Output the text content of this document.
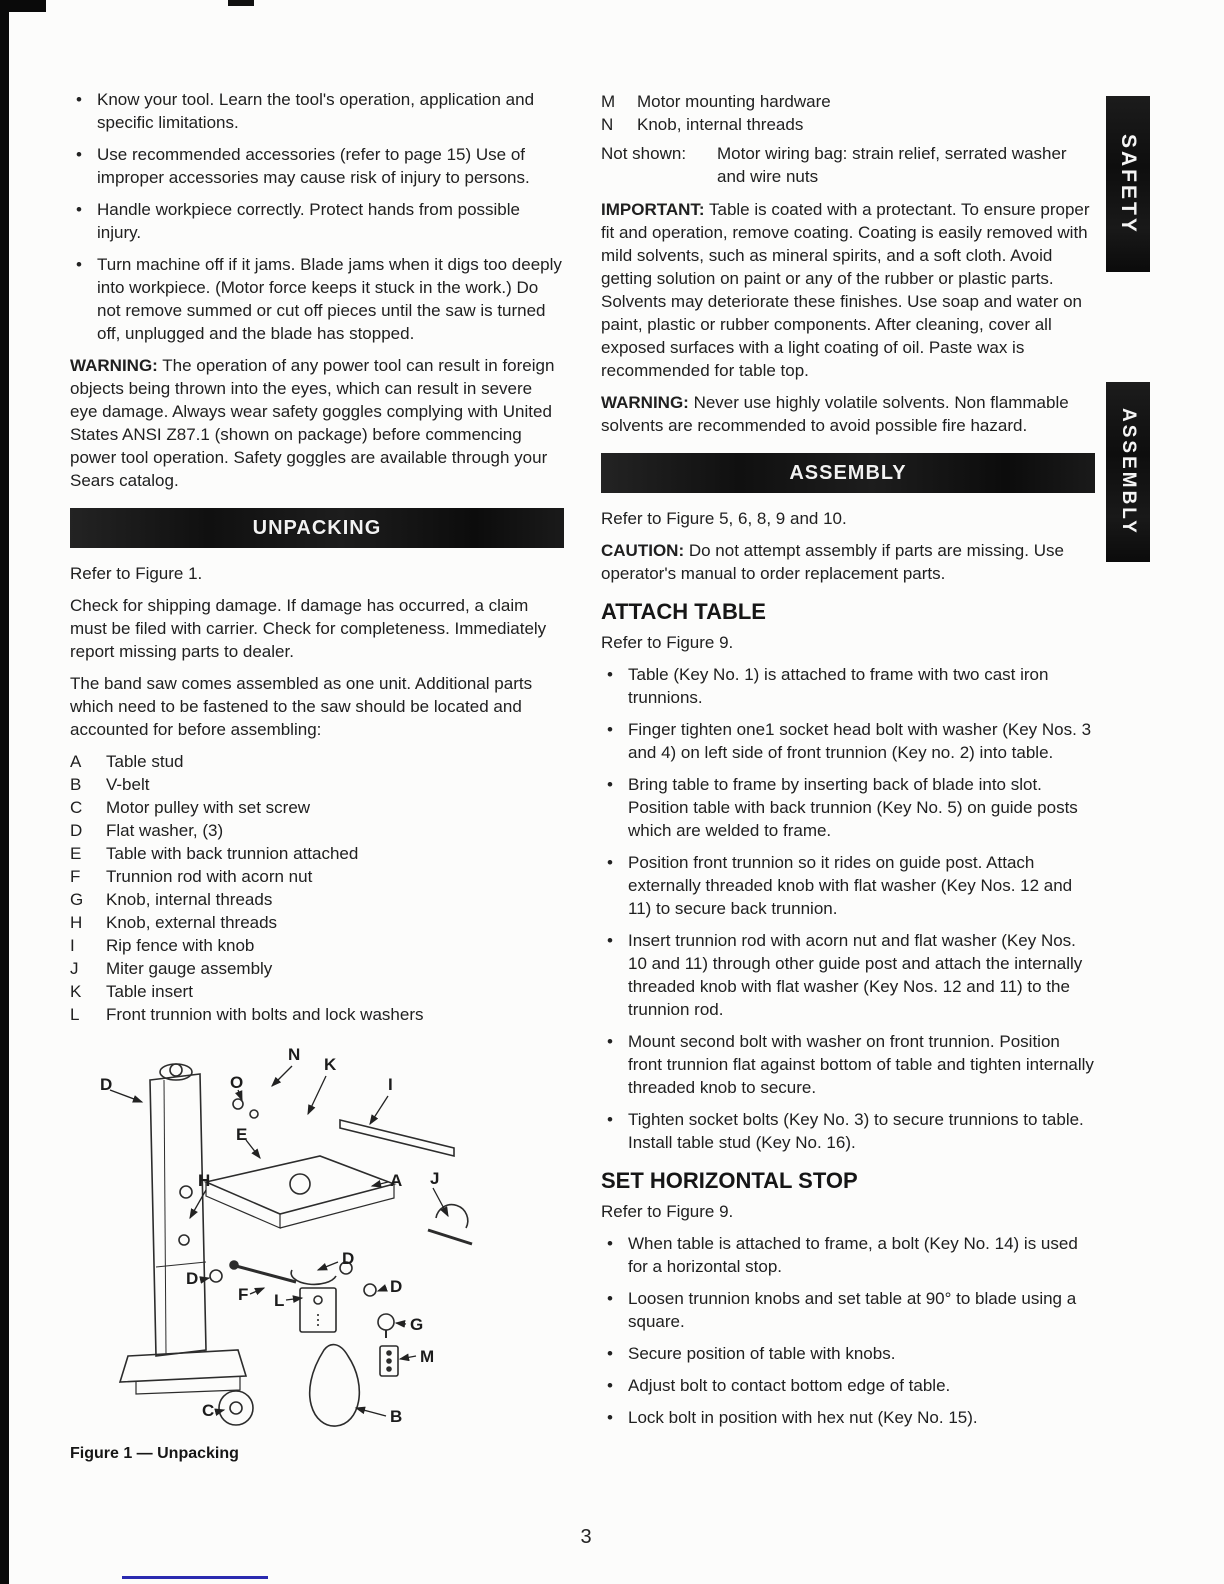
SAFETY
ASSEMBLY
• Know your tool. Learn the tool's operation, application and specific limitations.
• Use recommended accessories (refer to page 15) Use of improper accessories may cause risk of injury to persons.
• Handle workpiece correctly. Protect hands from possible injury.
• Turn machine off if it jams. Blade jams when it digs too deeply into workpiece. (Motor force keeps it stuck in the work.) Do not remove summed or cut off pieces until the saw is turned off, unplugged and the blade has stopped.

WARNING: The operation of any power tool can result in foreign objects being thrown into the eyes, which can result in severe eye damage. Always wear safety goggles complying with United States ANSI Z87.1 (shown on package) before commencing power tool operation. Safety goggles are available through your Sears catalog.

UNPACKING

Refer to Figure 1.

Check for shipping damage. If damage has occurred, a claim must be filed with carrier. Check for completeness. Immediately report missing parts to dealer.

The band saw comes assembled as one unit. Additional parts which need to be fastened to the saw should be located and accounted for before assembling:

A	Table stud
B	V-belt
C	Motor pulley with set screw
D	Flat washer, (3)
E	Table with back trunnion attached
F	Trunnion rod with acorn nut
G	Knob, internal threads
H	Knob, external threads
I	Rip fence with knob
J	Miter gauge assembly
K	Table insert
L	Front trunnion with bolts and lock washers
D	O
N
K
I
E
H	A J
D
D
F L
D
G
M
C	B
Figure 1 — Unpacking
M	Motor mounting hardware
N	Knob, internal threads
Not shown:	Motor wiring bag: strain relief, serrated washer and wire nuts

IMPORTANT: Table is coated with a protectant. To ensure proper fit and operation, remove coating. Coating is easily removed with mild solvents, such as mineral spirits, and a soft cloth. Avoid getting solution on paint or any of the rubber or plastic parts. Solvents may deteriorate these finishes. Use soap and water on paint, plastic or rubber components. After cleaning, cover all exposed surfaces with a light coating of oil. Paste wax is recommended for table top.

WARNING: Never use highly volatile solvents. Non flammable solvents are recommended to avoid possible fire hazard.

ASSEMBLY

Refer to Figure 5, 6, 8, 9 and 10.

CAUTION: Do not attempt assembly if parts are missing. Use operator's manual to order replacement parts.

ATTACH TABLE

Refer to Figure 9.

• Table (Key No. 1) is attached to frame with two cast iron trunnions.
• Finger tighten one1 socket head bolt with washer (Key Nos. 3 and 4) on left side of front trunnion (Key no. 2) into table.
• Bring table to frame by inserting back of blade into slot. Position table with back trunnion (Key No. 5) on guide posts which are welded to frame.
• Position front trunnion so it rides on guide post. Attach externally threaded knob with flat washer (Key Nos. 12 and 11) to secure back trunnion.
• Insert trunnion rod with acorn nut and flat washer (Key Nos. 10 and 11) through other guide post and attach the internally threaded knob with flat washer (Key Nos. 12 and 11) to the trunnion rod.
• Mount second bolt with washer on front trunnion. Position front trunnion flat against bottom of table and tighten internally threaded knob to secure.
• Tighten socket bolts (Key No. 3) to secure trunnions to table. Install table stud (Key No. 16).
SET HORIZONTAL STOP

Refer to Figure 9.

• When table is attached to frame, a bolt (Key No. 14) is used for a horizontal stop.
• Loosen trunnion knobs and set table at 90° to blade using a square.
• Secure position of table with knobs.
• Adjust bolt to contact bottom edge of table.
• Lock bolt in position with hex nut (Key No. 15).
3
